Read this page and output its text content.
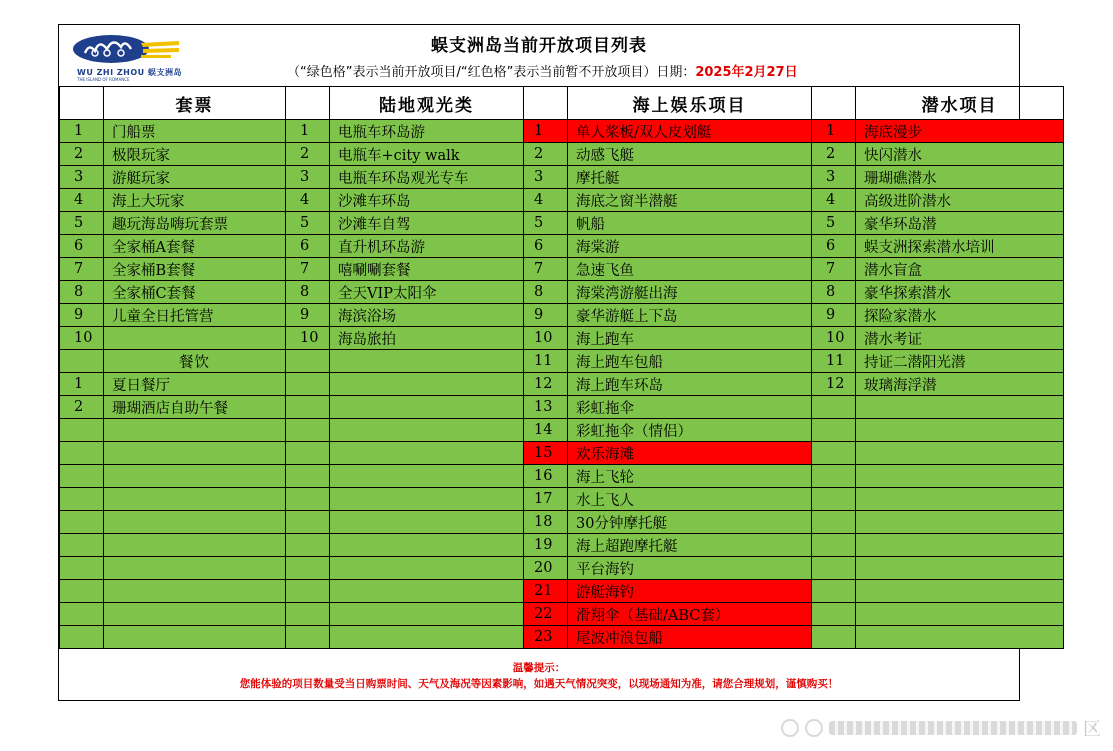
WU ZHI ZHOU 蜈支洲岛
THE ISLAND OF ROMANCE
蜈支洲岛当前开放项目列表
（“绿色格”表示当前开放项目/“红色格”表示当前暂不开放项目）日期：2025年2月27日
	套票		陆地观光类		海上娱乐项目		潜水项目
1	门船票	1	电瓶车环岛游	1	单人桨板/双人皮划艇	1	海底漫步
2	极限玩家	2	电瓶车+city walk	2	动感飞艇	2	快闪潜水
3	游艇玩家	3	电瓶车环岛观光专车	3	摩托艇	3	珊瑚礁潜水
4	海上大玩家	4	沙滩车环岛	4	海底之窗半潜艇	4	高级进阶潜水
5	趣玩海岛嗨玩套票	5	沙滩车自驾	5	帆船	5	豪华环岛潜
6	全家桶A套餐	6	直升机环岛游	6	海棠游	6	蜈支洲探索潜水培训
7	全家桶B套餐	7	嘻唰唰套餐	7	急速飞鱼	7	潜水盲盒
8	全家桶C套餐	8	全天VIP太阳伞	8	海棠湾游艇出海	8	豪华探索潜水
9	儿童全日托管营	9	海滨浴场	9	豪华游艇上下岛	9	探险家潜水
10		10	海岛旅拍	10	海上跑车	10	潜水考证
	餐饮			11	海上跑车包船	11	持证二潜阳光潜
1	夏日餐厅			12	海上跑车环岛	12	玻璃海浮潜
2	珊瑚酒店自助午餐			13	彩虹拖伞		
				14	彩虹拖伞（情侣）		
				15	欢乐海滩		
				16	海上飞轮		
				17	水上飞人		
				18	30分钟摩托艇		
				19	海上超跑摩托艇		
				20	平台海钓		
				21	游艇海钓		
				22	滑翔伞（基础/ABC套）		
				23	尾波冲浪包船		
温馨提示：
您能体验的项目数量受当日购票时间、天气及海况等因素影响，如遇天气情况突变，以现场通知为准，请您合理规划，谨慎购买！
区
